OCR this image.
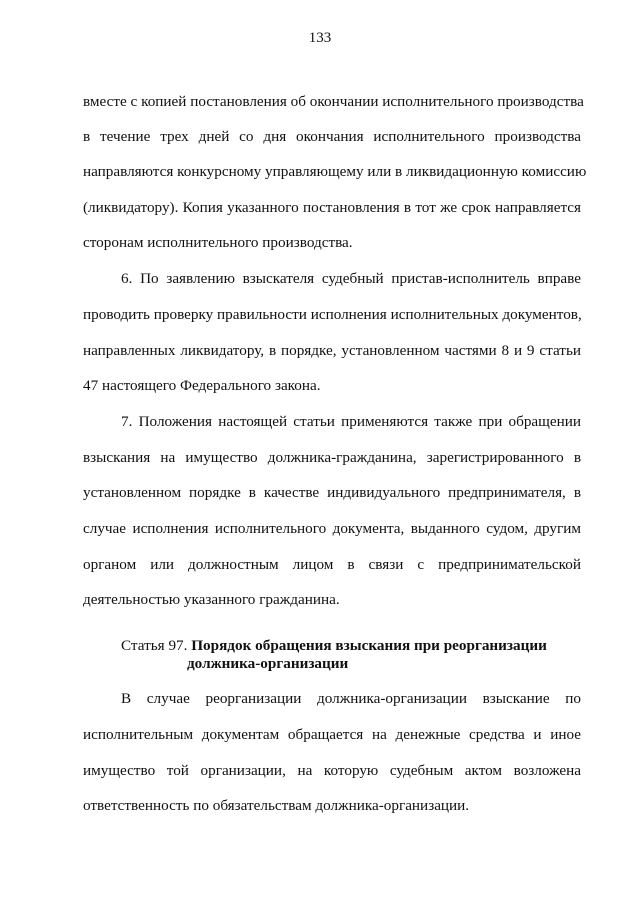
133
вместе с копией постановления об окончании исполнительного производства
в течение трех дней со дня окончания исполнительного производства
направляются конкурсному управляющему или в ликвидационную комиссию
(ликвидатору). Копия указанного постановления в тот же срок направляется
сторонам исполнительного производства.
6. По заявлению взыскателя судебный пристав-исполнитель вправе
проводить проверку правильности исполнения исполнительных документов,
направленных ликвидатору, в порядке, установленном частями 8 и 9 статьи
47 настоящего Федерального закона.
7. Положения настоящей статьи применяются также при обращении
взыскания на имущество должника-гражданина, зарегистрированного в
установленном порядке в качестве индивидуального предпринимателя, в
случае исполнения исполнительного документа, выданного судом, другим
органом или должностным лицом в связи с предпринимательской
деятельностью указанного гражданина.
Статья 97. Порядок обращения взыскания при реорганизации
должника-организации
В случае реорганизации должника-организации взыскание по
исполнительным документам обращается на денежные средства и иное
имущество той организации, на которую судебным актом возложена
ответственность по обязательствам должника-организации.
